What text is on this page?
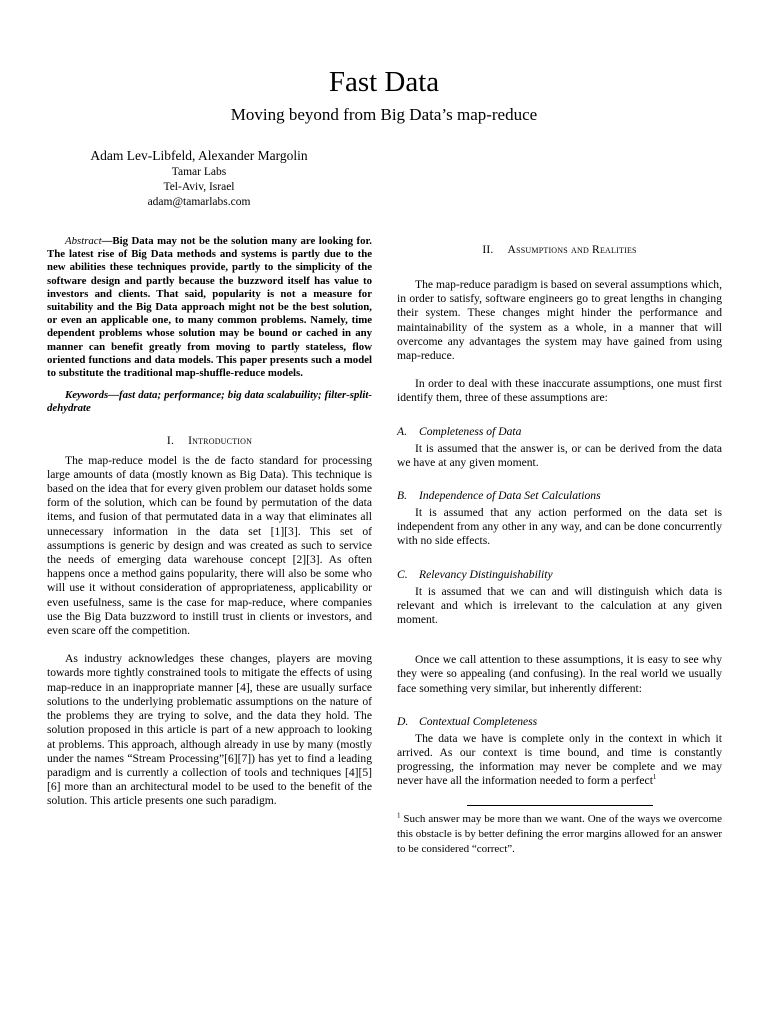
Fast Data
Moving beyond from Big Data’s map-reduce
Adam Lev-Libfeld, Alexander Margolin
Tamar Labs
Tel-Aviv, Israel
adam@tamarlabs.com

Abstract—Big Data may not be the solution many are looking for. The latest rise of Big Data methods and systems is partly due to the new abilities these techniques provide, partly to the simplicity of the software design and partly because the buzzword itself has value to investors and clients. That said, popularity is not a measure for suitability and the Big Data approach might not be the best solution, or even an applicable one, to many common problems. Namely, time dependent problems whose solution may be bound or cached in any manner can benefit greatly from moving to partly stateless, flow oriented functions and data models. This paper presents such a model to substitute the traditional map-shuffle-reduce models.

Keywords—fast data; performance; big data scalabuility; filter-split-dehydrate

I. Introduction

The map-reduce model is the de facto standard for processing large amounts of data (mostly known as Big Data). This technique is based on the idea that for every given problem our dataset holds some form of the solution, which can be found by permutation of the data items, and fusion of that permutated data in a way that eliminates all unnecessary information in the data set [1][3]. This set of assumptions is generic by design and was created as such to service the needs of emerging data warehouse concept [2][3]. As often happens once a method gains popularity, there will also be some who will use it without consideration of appropriateness, applicability or even usefulness, same is the case for map-reduce, where companies use the Big Data buzzword to instill trust in clients or investors, and even scare off the competition.

As industry acknowledges these changes, players are moving towards more tightly constrained tools to mitigate the effects of using map-reduce in an inappropriate manner [4], these are usually surface solutions to the underlying problematic assumptions on the nature of the problems they are trying to solve, and the data they hold. The solution proposed in this article is part of a new approach to looking at problems. This approach, although already in use by many (mostly under the names “Stream Processing”[6][7]) has yet to find a leading paradigm and is currently a collection of tools and techniques [4][5][6] more than an architectural model to be used to the benefit of the solution. This article presents one such paradigm.

II. Assumptions and Realities

The map-reduce paradigm is based on several assumptions which, in order to satisfy, software engineers go to great lengths in changing their system. These changes might hinder the performance and maintainability of the system as a whole, in a manner that will overcome any advantages the system may have gained from using map-reduce.

In order to deal with these inaccurate assumptions, one must first identify them, three of these assumptions are:

A. Completeness of Data

It is assumed that the answer is, or can be derived from the data we have at any given moment.

B. Independence of Data Set Calculations

It is assumed that any action performed on the data set is independent from any other in any way, and can be done concurrently with no side effects.

C. Relevancy Distinguishability

It is assumed that we can and will distinguish which data is relevant and which is irrelevant to the calculation at any given moment.

Once we call attention to these assumptions, it is easy to see why they were so appealing (and confusing). In the real world we usually face something very similar, but inherently different:

D. Contextual Completeness

The data we have is complete only in the context in which it arrived. As our context is time bound, and time is constantly progressing, the information may never be complete and we may never have all the information needed to form a perfect$^1$

$^1$ Such answer may be more than we want. One of the ways we overcome this obstacle is by better defining the error margins allowed for an answer to be considered “correct”.
